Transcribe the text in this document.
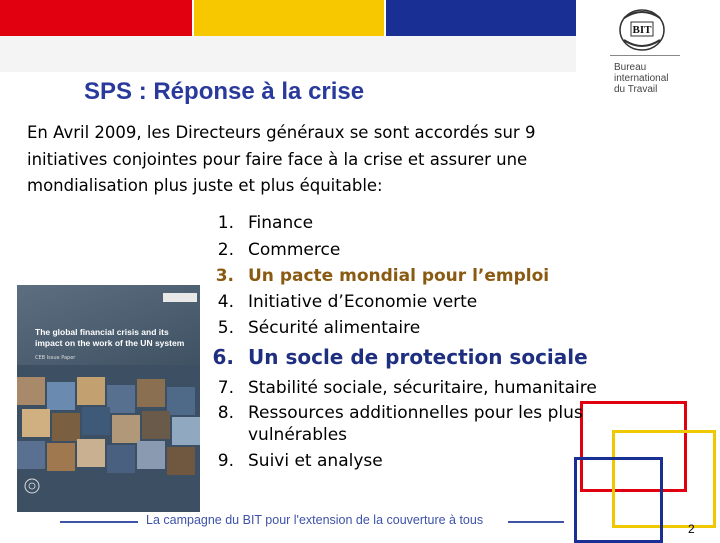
BIT
Bureau
international
du Travail
SPS : Réponse à la crise
En Avril 2009, les Directeurs généraux se sont accordés sur 9 initiatives conjointes pour faire face à la crise et assurer une mondialisation plus juste et plus équitable:
The global financial crisis and its impact on the work of the UN system
CEB Issue Paper
1. Finance
2. Commerce
3. Un pacte mondial pour l’emploi
4. Initiative d’Economie verte
5. Sécurité alimentaire
6. Un socle de protection sociale
7. Stabilité sociale, sécuritaire, humanitaire
8. Ressources additionnelles pour les plus
vulnérables
9. Suivi et analyse
La campagne du BIT pour l'extension de la couverture à tous
2
